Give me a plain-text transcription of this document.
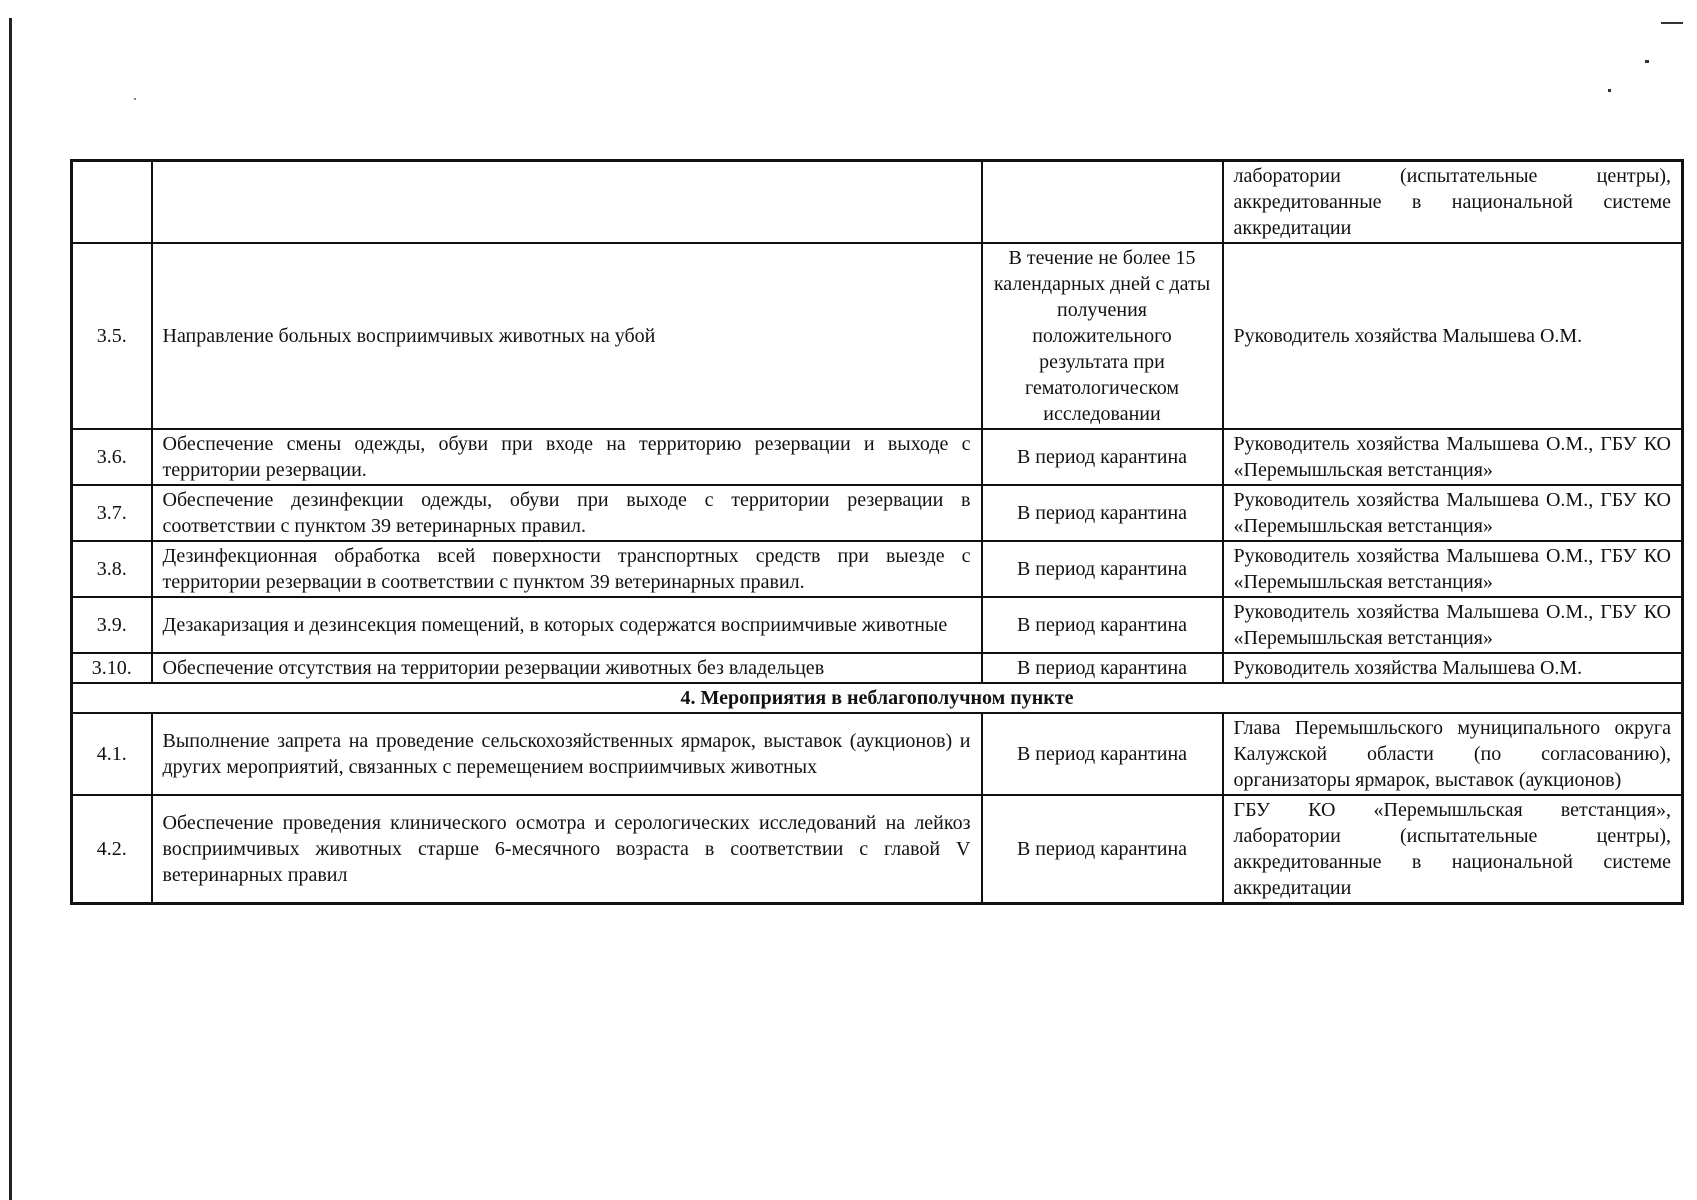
			лаборатории (испытательные центры), аккредитованные в национальной системе аккредитации
3.5.	Направление больных восприимчивых животных на убой	В течение не более 15 календарных дней с даты получения положительного результата при гематологическом исследовании	Руководитель хозяйства Малышева О.М.
3.6.	Обеспечение смены одежды, обуви при входе на территорию резервации и выходе с территории резервации.	В период карантина	Руководитель хозяйства Малышева О.М., ГБУ КО «Перемышльская ветстанция»
3.7.	Обеспечение дезинфекции одежды, обуви при выходе с территории резервации в соответствии с пунктом 39 ветеринарных правил.	В период карантина	Руководитель хозяйства Малышева О.М., ГБУ КО «Перемышльская ветстанция»
3.8.	Дезинфекционная обработка всей поверхности транспортных средств при выезде с территории резервации в соответствии с пунктом 39 ветеринарных правил.	В период карантина	Руководитель хозяйства Малышева О.М., ГБУ КО «Перемышльская ветстанция»
3.9.	Дезакаризация и дезинсекция помещений, в которых содержатся восприимчивые животные	В период карантина	Руководитель хозяйства Малышева О.М., ГБУ КО «Перемышльская ветстанция»
3.10.	Обеспечение отсутствия на территории резервации животных без владельцев	В период карантина	Руководитель хозяйства Малышева О.М.
4. Мероприятия в неблагополучном пункте			
4.1.	Выполнение запрета на проведение сельскохозяйственных ярмарок, выставок (аукционов) и других мероприятий, связанных с перемещением восприимчивых животных	В период карантина	Глава Перемышльского муниципального округа Калужской области (по согласованию), организаторы ярмарок, выставок (аукционов)
4.2.	Обеспечение проведения клинического осмотра и серологических исследований на лейкоз восприимчивых животных старше 6-месячного возраста в соответствии с главой V ветеринарных правил	В период карантина	ГБУ КО «Перемышльская ветстанция», лаборатории (испытательные центры), аккредитованные в национальной системе аккредитации
